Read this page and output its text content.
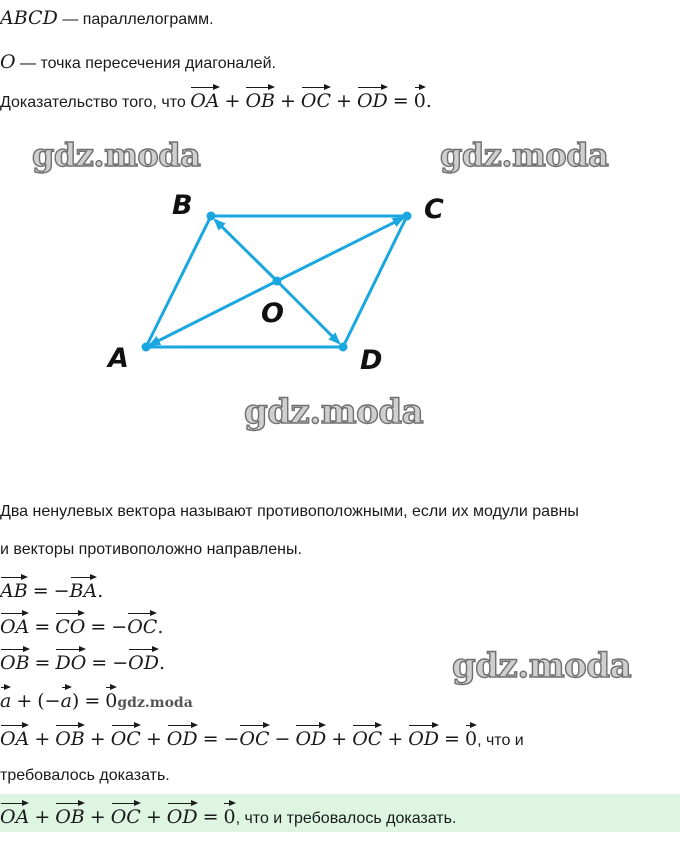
ABCD — параллелограмм.
O — точка пересечения диагоналей.
Доказательство того, что OA + OB + OC + OD = 0.
gdz.moda	gdz.moda
gdz.moda
gdz.moda
A
B	C
D
O
Два ненулевых вектора называют противоположными, если их модули равны
и векторы противоположно направлены.
AB = −BA.
OA = CO = −OC.
OB = DO = −OD.
a + (−a) = 0gdz.moda
OA + OB + OC + OD = −OC − OD + OC + OD = 0, что и
требовалось доказать.
OA + OB + OC + OD = 0, что и требовалось доказать.
